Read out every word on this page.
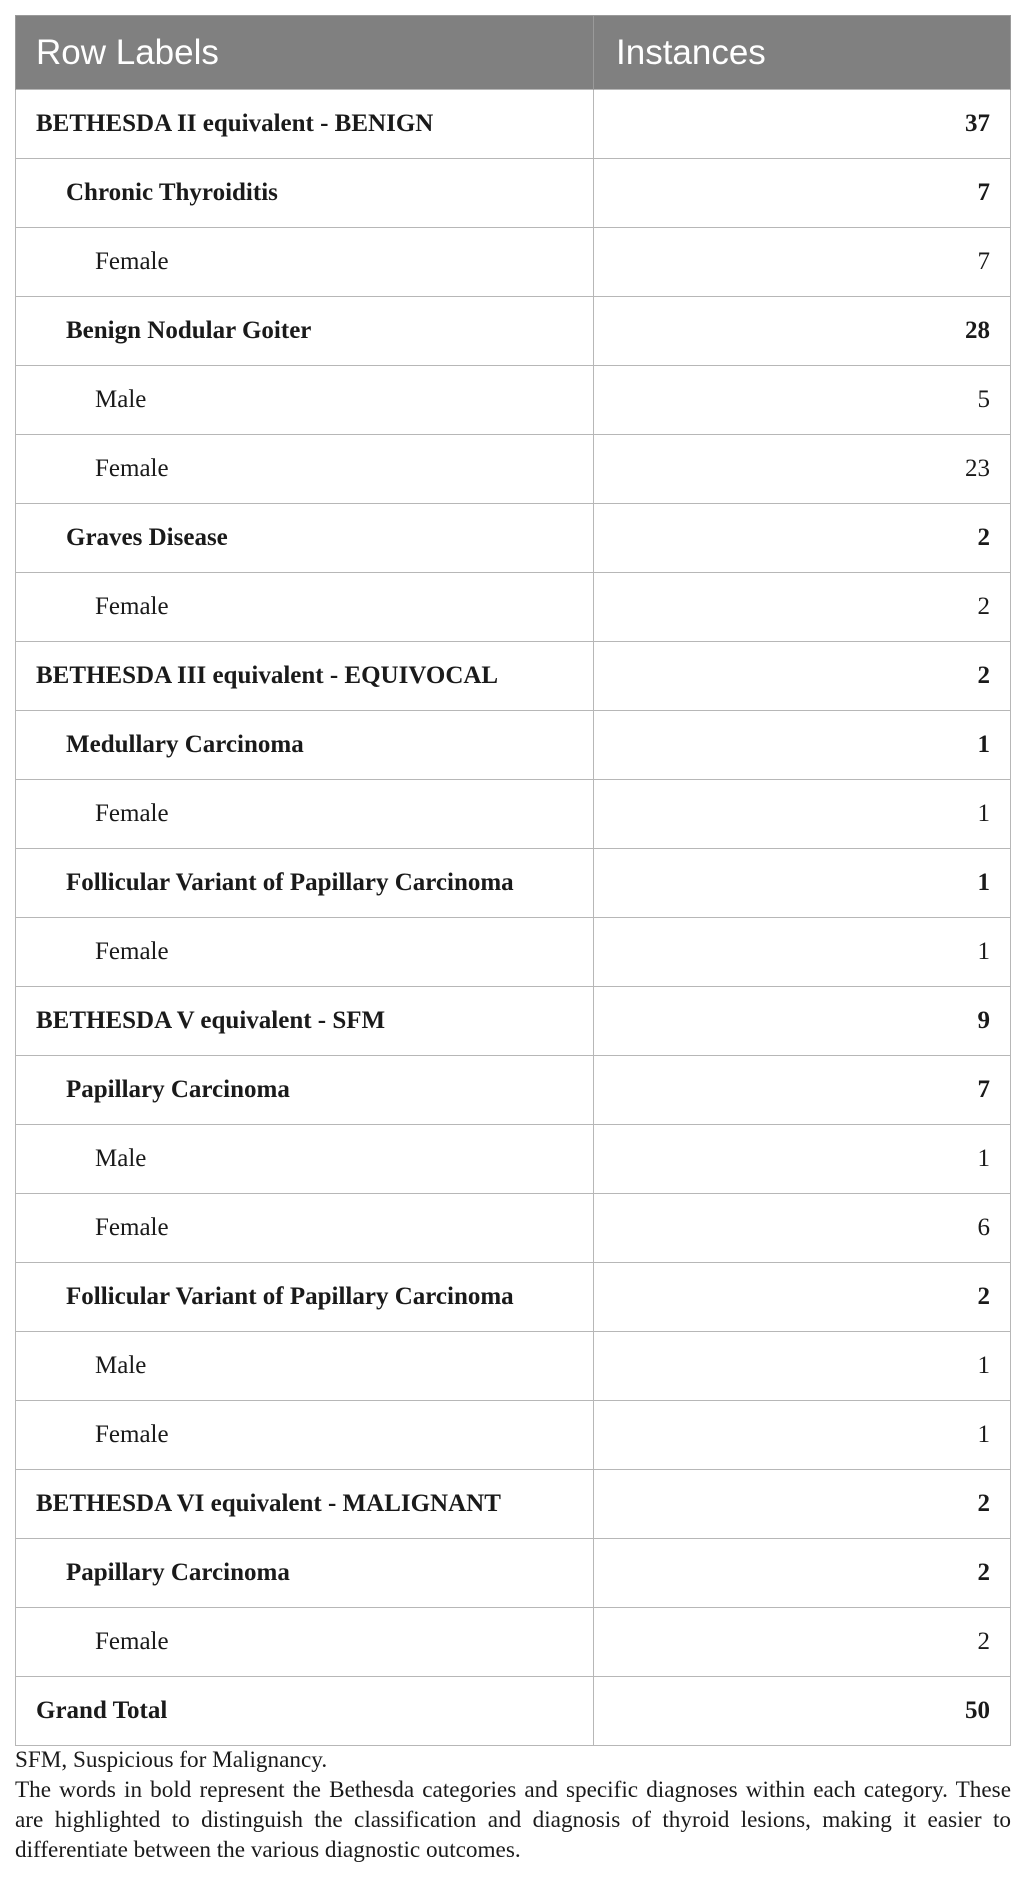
Row Labels	Instances
BETHESDA II equivalent - BENIGN	37
Chronic Thyroiditis	7
Female	7
Benign Nodular Goiter	28
Male	5
Female	23
Graves Disease	2
Female	2
BETHESDA III equivalent - EQUIVOCAL	2
Medullary Carcinoma	1
Female	1
Follicular Variant of Papillary Carcinoma	1
Female	1
BETHESDA V equivalent - SFM	9
Papillary Carcinoma	7
Male	1
Female	6
Follicular Variant of Papillary Carcinoma	2
Male	1
Female	1
BETHESDA VI equivalent - MALIGNANT	2
Papillary Carcinoma	2
Female	2
Grand Total	50

SFM, Suspicious for Malignancy.

The words in bold represent the Bethesda categories and specific diagnoses within each category. These are highlighted to distinguish the classification and diagnosis of thyroid lesions, making it easier to differentiate between the various diagnostic outcomes.
